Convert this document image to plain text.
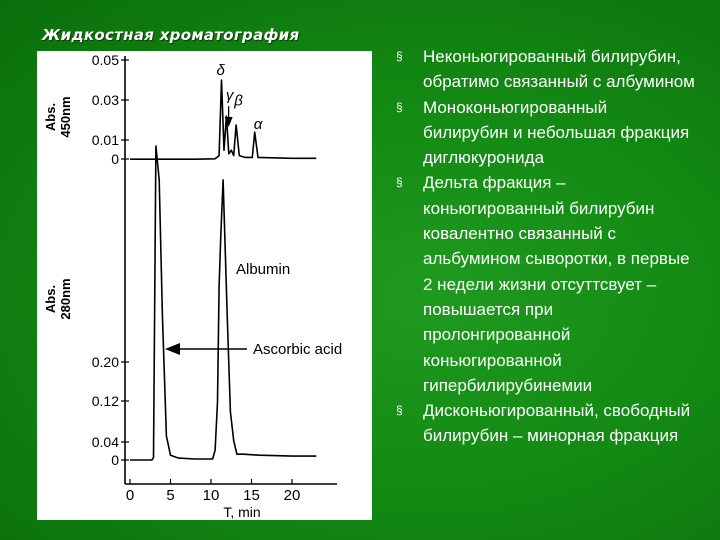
Жидкостная хроматография
0.05
0.03
0.01
0
0.20
0.12
0.04
0
Abs.450nm
Abs.280nm
0 5 10 15 20
T, min
δ
γ β
α
Albumin
Ascorbic acid
§ Неконьюгированный билирубин, обратимо связанный с албумином
§ Моноконьюгированный билирубин и небольшая фракция диглюкуронида
§ Дельта фракция – коньюгированный билирубин ковалентно связанный с альбумином сыворотки, в первые 2 недели жизни отсуттсвует – повышается при пролонгированной коньюгированной гипербилирубинемии
§ Дисконьюгированный, свободный билирубин – минорная фракция
